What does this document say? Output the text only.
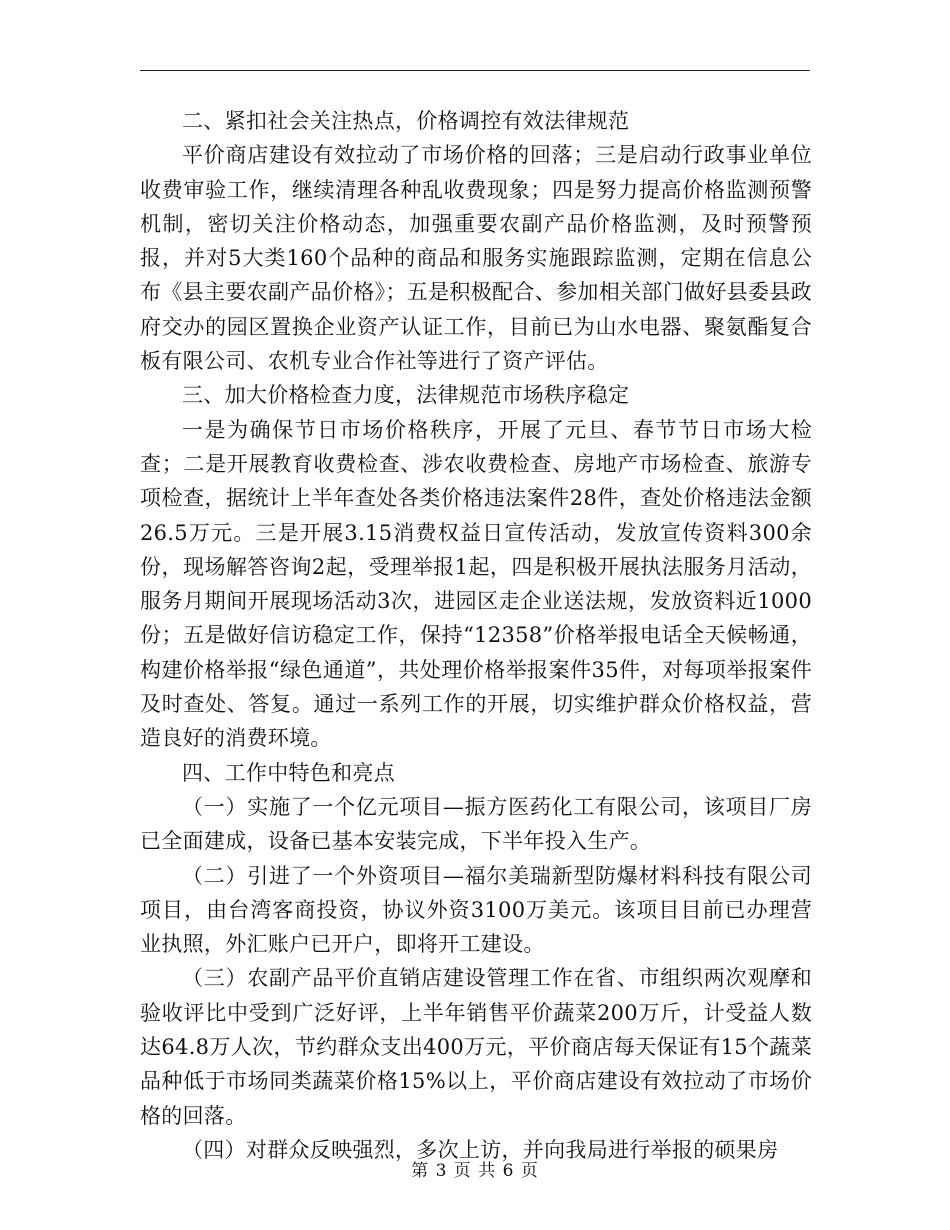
二、紧扣社会关注热点，价格调控有效法律规范

平价商店建设有效拉动了市场价格的回落；三是启动行政事业单位收费审验工作，继续清理各种乱收费现象；四是努力提高价格监测预警机制，密切关注价格动态，加强重要农副产品价格监测，及时预警预报，并对5大类160个品种的商品和服务实施跟踪监测，定期在信息公布《县主要农副产品价格》；五是积极配合、参加相关部门做好县委县政府交办的园区置换企业资产认证工作，目前已为山水电器、聚氨酯复合板有限公司、农机专业合作社等进行了资产评估。

三、加大价格检查力度，法律规范市场秩序稳定

一是为确保节日市场价格秩序，开展了元旦、春节节日市场大检查；二是开展教育收费检查、涉农收费检查、房地产市场检查、旅游专项检查，据统计上半年查处各类价格违法案件28件，查处价格违法金额26.5万元。三是开展3.15消费权益日宣传活动，发放宣传资料300余份，现场解答咨询2起，受理举报1起，四是积极开展执法服务月活动，服务月期间开展现场活动3次，进园区走企业送法规，发放资料近1000份；五是做好信访稳定工作，保持“12358”价格举报电话全天候畅通，构建价格举报“绿色通道”，共处理价格举报案件35件，对每项举报案件及时查处、答复。通过一系列工作的开展，切实维护群众价格权益，营造良好的消费环境。

四、工作中特色和亮点

（一）实施了一个亿元项目—振方医药化工有限公司，该项目厂房已全面建成，设备已基本安装完成，下半年投入生产。

（二）引进了一个外资项目—福尔美瑞新型防爆材料科技有限公司项目，由台湾客商投资，协议外资3100万美元。该项目目前已办理营业执照，外汇账户已开户，即将开工建设。

（三）农副产品平价直销店建设管理工作在省、市组织两次观摩和验收评比中受到广泛好评，上半年销售平价蔬菜200万斤，计受益人数达64.8万人次，节约群众支出400万元，平价商店每天保证有15个蔬菜品种低于市场同类蔬菜价格15%以上，平价商店建设有效拉动了市场价格的回落。

（四）对群众反映强烈，多次上访，并向我局进行举报的硕果房

第 3 页 共 6 页
